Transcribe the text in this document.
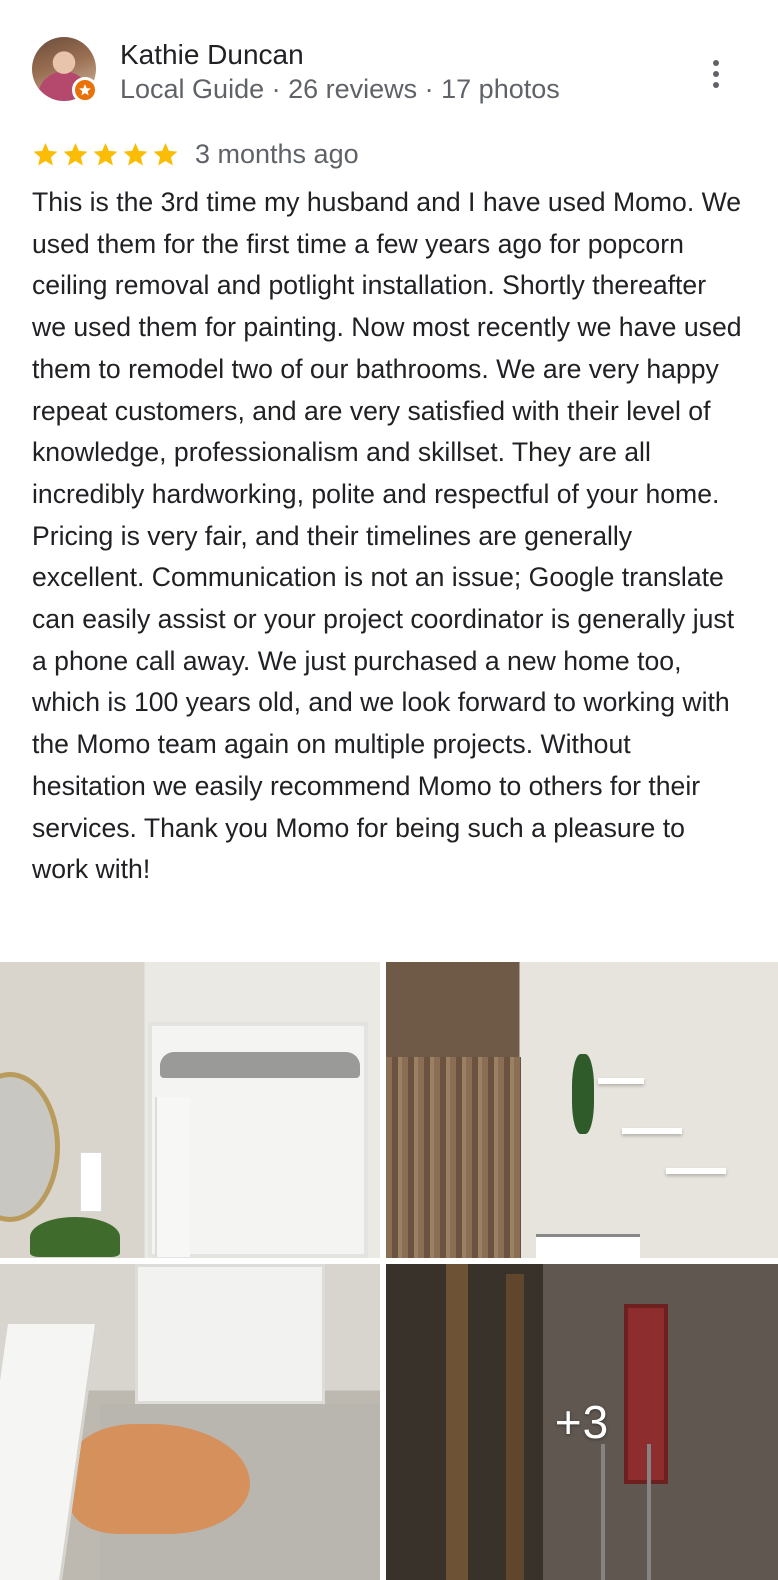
Kathie Duncan
Local Guide · 26 reviews · 17 photos
3 months ago
This is the 3rd time my husband and I have used Momo. We used them for the first time a few years ago for popcorn ceiling removal and potlight installation. Shortly thereafter we used them for painting. Now most recently we have used them to remodel two of our bathrooms. We are very happy repeat customers, and are very satisfied with their level of knowledge, professionalism and skillset. They are all incredibly hardworking, polite and respectful of your home. Pricing is very fair, and their timelines are generally excellent. Communication is not an issue; Google translate can easily assist or your project coordinator is generally just a phone call away. We just purchased a new home too, which is 100 years old, and we look forward to working with the Momo team again on multiple projects. Without hesitation we easily recommend Momo to others for their services. Thank you Momo for being such a pleasure to work with!
+3
